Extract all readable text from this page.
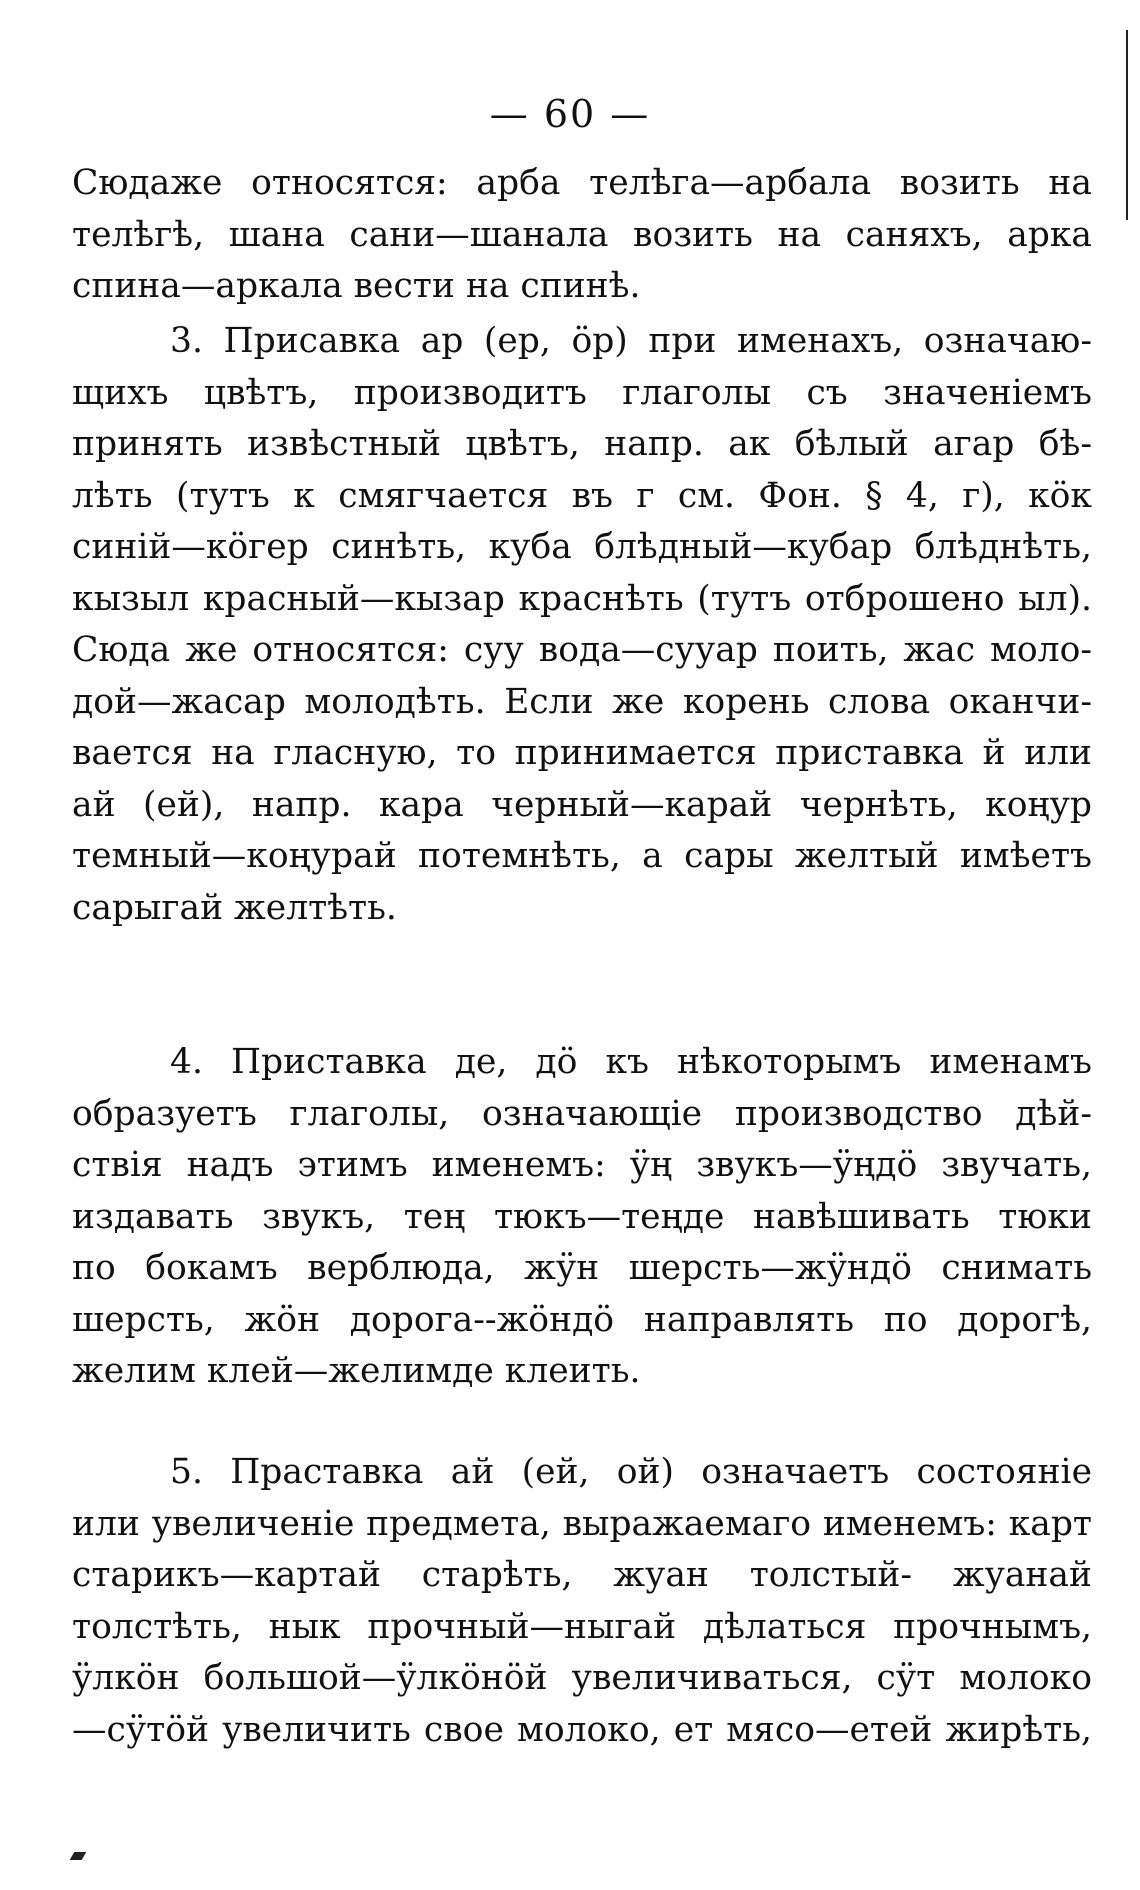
— 60 —
Сюдаже относятся: арба телѣга—арбала возить на
телѣгѣ, шана сани—шанала возить на саняхъ, арка
спина—аркала вести на спинѣ.
3. Присавка ар (ер, ӧр) при именахъ, означаю-
щихъ цвѣтъ, производитъ глаголы съ значеніемъ
принять извѣстный цвѣтъ, напр. ак бѣлый агар бѣ-
лѣть (тутъ к смягчается въ г см. Фон. § 4, г), кӧк
синій—кӧгер синѣть, куба блѣдный—кубар блѣднѣть,
кызыл красный—кызар краснѣть (тутъ отброшено ыл).
Сюда же относятся: суу вода—сууар поить, жас моло-
дой—жасар молодѣть. Если же корень слова оканчи-
вается на гласную, то принимается приставка й или
ай (ей), напр. кара черный—карай чернѣть, коңур
темный—коңурай потемнѣть, а сары желтый имѣетъ
сарыгай желтѣть.
4. Приставка де, дӧ къ нѣкоторымъ именамъ
образуетъ глаголы, означающіе производство дѣй-
ствія надъ этимъ именемъ: ӱң звукъ—ӱңдӧ звучать,
издавать звукъ, тең тюкъ—теңде навѣшивать тюки
по бокамъ верблюда, жӱн шерсть—жӱндӧ снимать
шерсть, жӧн дорога--жӧндӧ направлять по дорогѣ,
желим клей—желимде клеить.
5. Праставка ай (ей, ой) означаетъ состояніе
или увеличеніе предмета, выражаемаго именемъ: карт
старикъ—картай старѣть, жуан толстый- жуанай
толстѣть, нык прочный—ныгай дѣлаться прочнымъ,
ӱлкӧн большой—ӱлкӧнӧй увеличиваться, сӱт молоко
—сӱтӧй увеличить свое молоко, ет мясо—етей жирѣть,
